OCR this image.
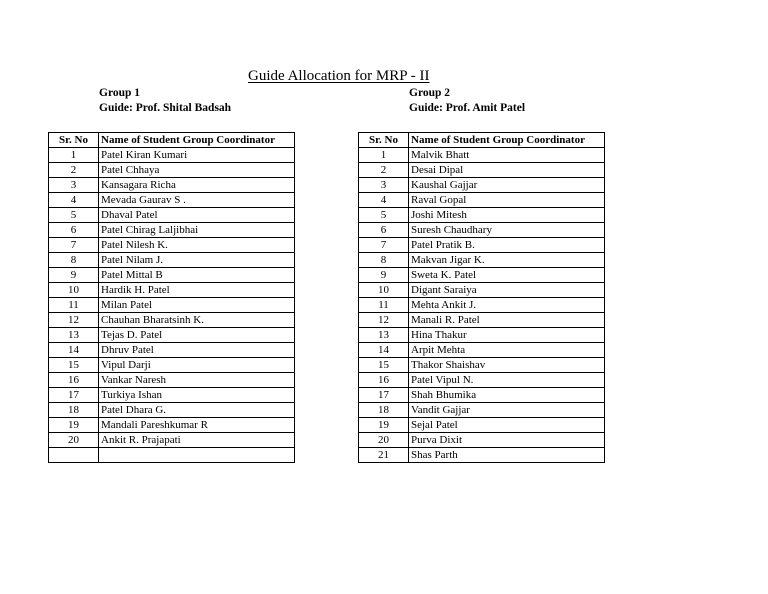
Guide Allocation for MRP - II
Group 1
Guide: Prof. Shital Badsah
Group 2
Guide: Prof. Amit Patel
Sr. No	Name of Student Group Coordinator
1	Patel Kiran Kumari
2	Patel Chhaya
3	Kansagara Richa
4	Mevada Gaurav S .
5	Dhaval Patel
6	Patel Chirag Laljibhai
7	Patel Nilesh K.
8	Patel Nilam J.
9	Patel Mittal B
10	Hardik H. Patel
11	Milan Patel
12	Chauhan Bharatsinh K.
13	Tejas D. Patel
14	Dhruv Patel
15	Vipul Darji
16	Vankar Naresh
17	Turkiya Ishan
18	Patel Dhara G.
19	Mandali Pareshkumar R
20	Ankit R. Prajapati

Sr. No	Name of Student Group Coordinator
1	Malvik Bhatt
2	Desai Dipal
3	Kaushal Gajjar
4	Raval Gopal
5	Joshi Mitesh
6	Suresh Chaudhary
7	Patel Pratik B.
8	Makvan Jigar K.
9	Sweta K. Patel
10	Digant Saraiya
11	Mehta Ankit J.
12	Manali R. Patel
13	Hina Thakur
14	Arpit Mehta
15	Thakor Shaishav
16	Patel Vipul N.
17	Shah Bhumika
18	Vandit Gajjar
19	Sejal Patel
20	Purva Dixit
21	Shas Parth
